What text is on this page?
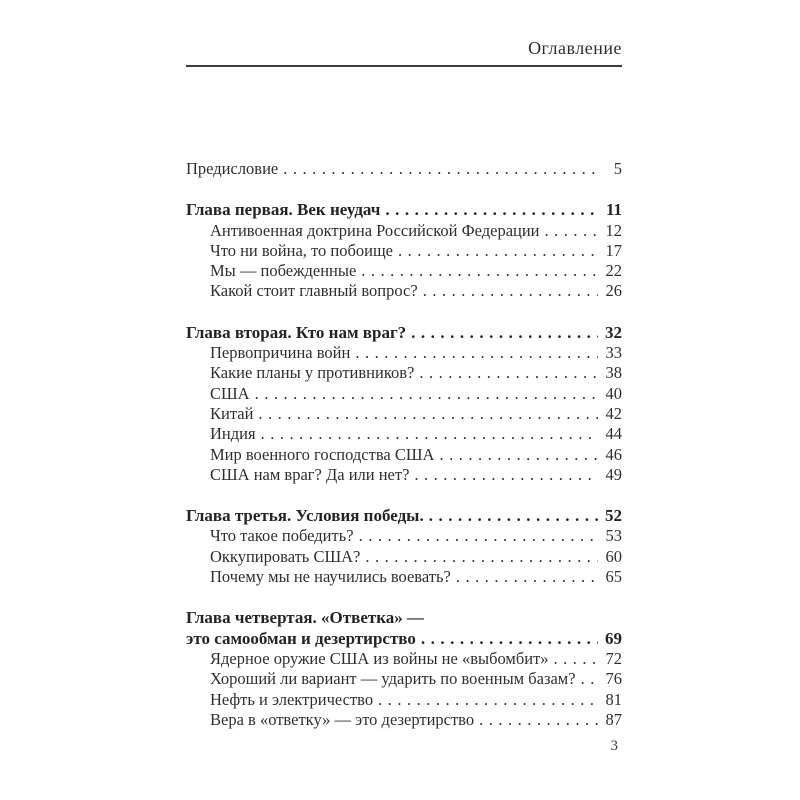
Оглавление
Предисловие .....	5
Глава первая. Век неудач .....	11
Антивоенная доктрина Российской Федерации .....	12
Что ни война, то побоище .....	17
Мы — побежденные .....	22
Какой стоит главный вопрос? .....	26
Глава вторая. Кто нам враг? .....	32
Первопричина войн .....	33
Какие планы у противников? .....	38
США .....	40
Китай .....	42
Индия .....	44
Мир военного господства США .....	46
США нам враг? Да или нет? .....	49
Глава третья. Условия победы. .....	52
Что такое победить? .....	53
Оккупировать США? .....	60
Почему мы не научились воевать? .....	65
Глава четвертая. «Ответка» —
это самообман и дезертирство .....	69
Ядерное оружие США из войны не «выбомбит» .....	72
Хороший ли вариант — ударить по военным базам? ..... 76
Нефть и электричество .....	81
Вера в «ответку» — это дезертирство .....	87
3
